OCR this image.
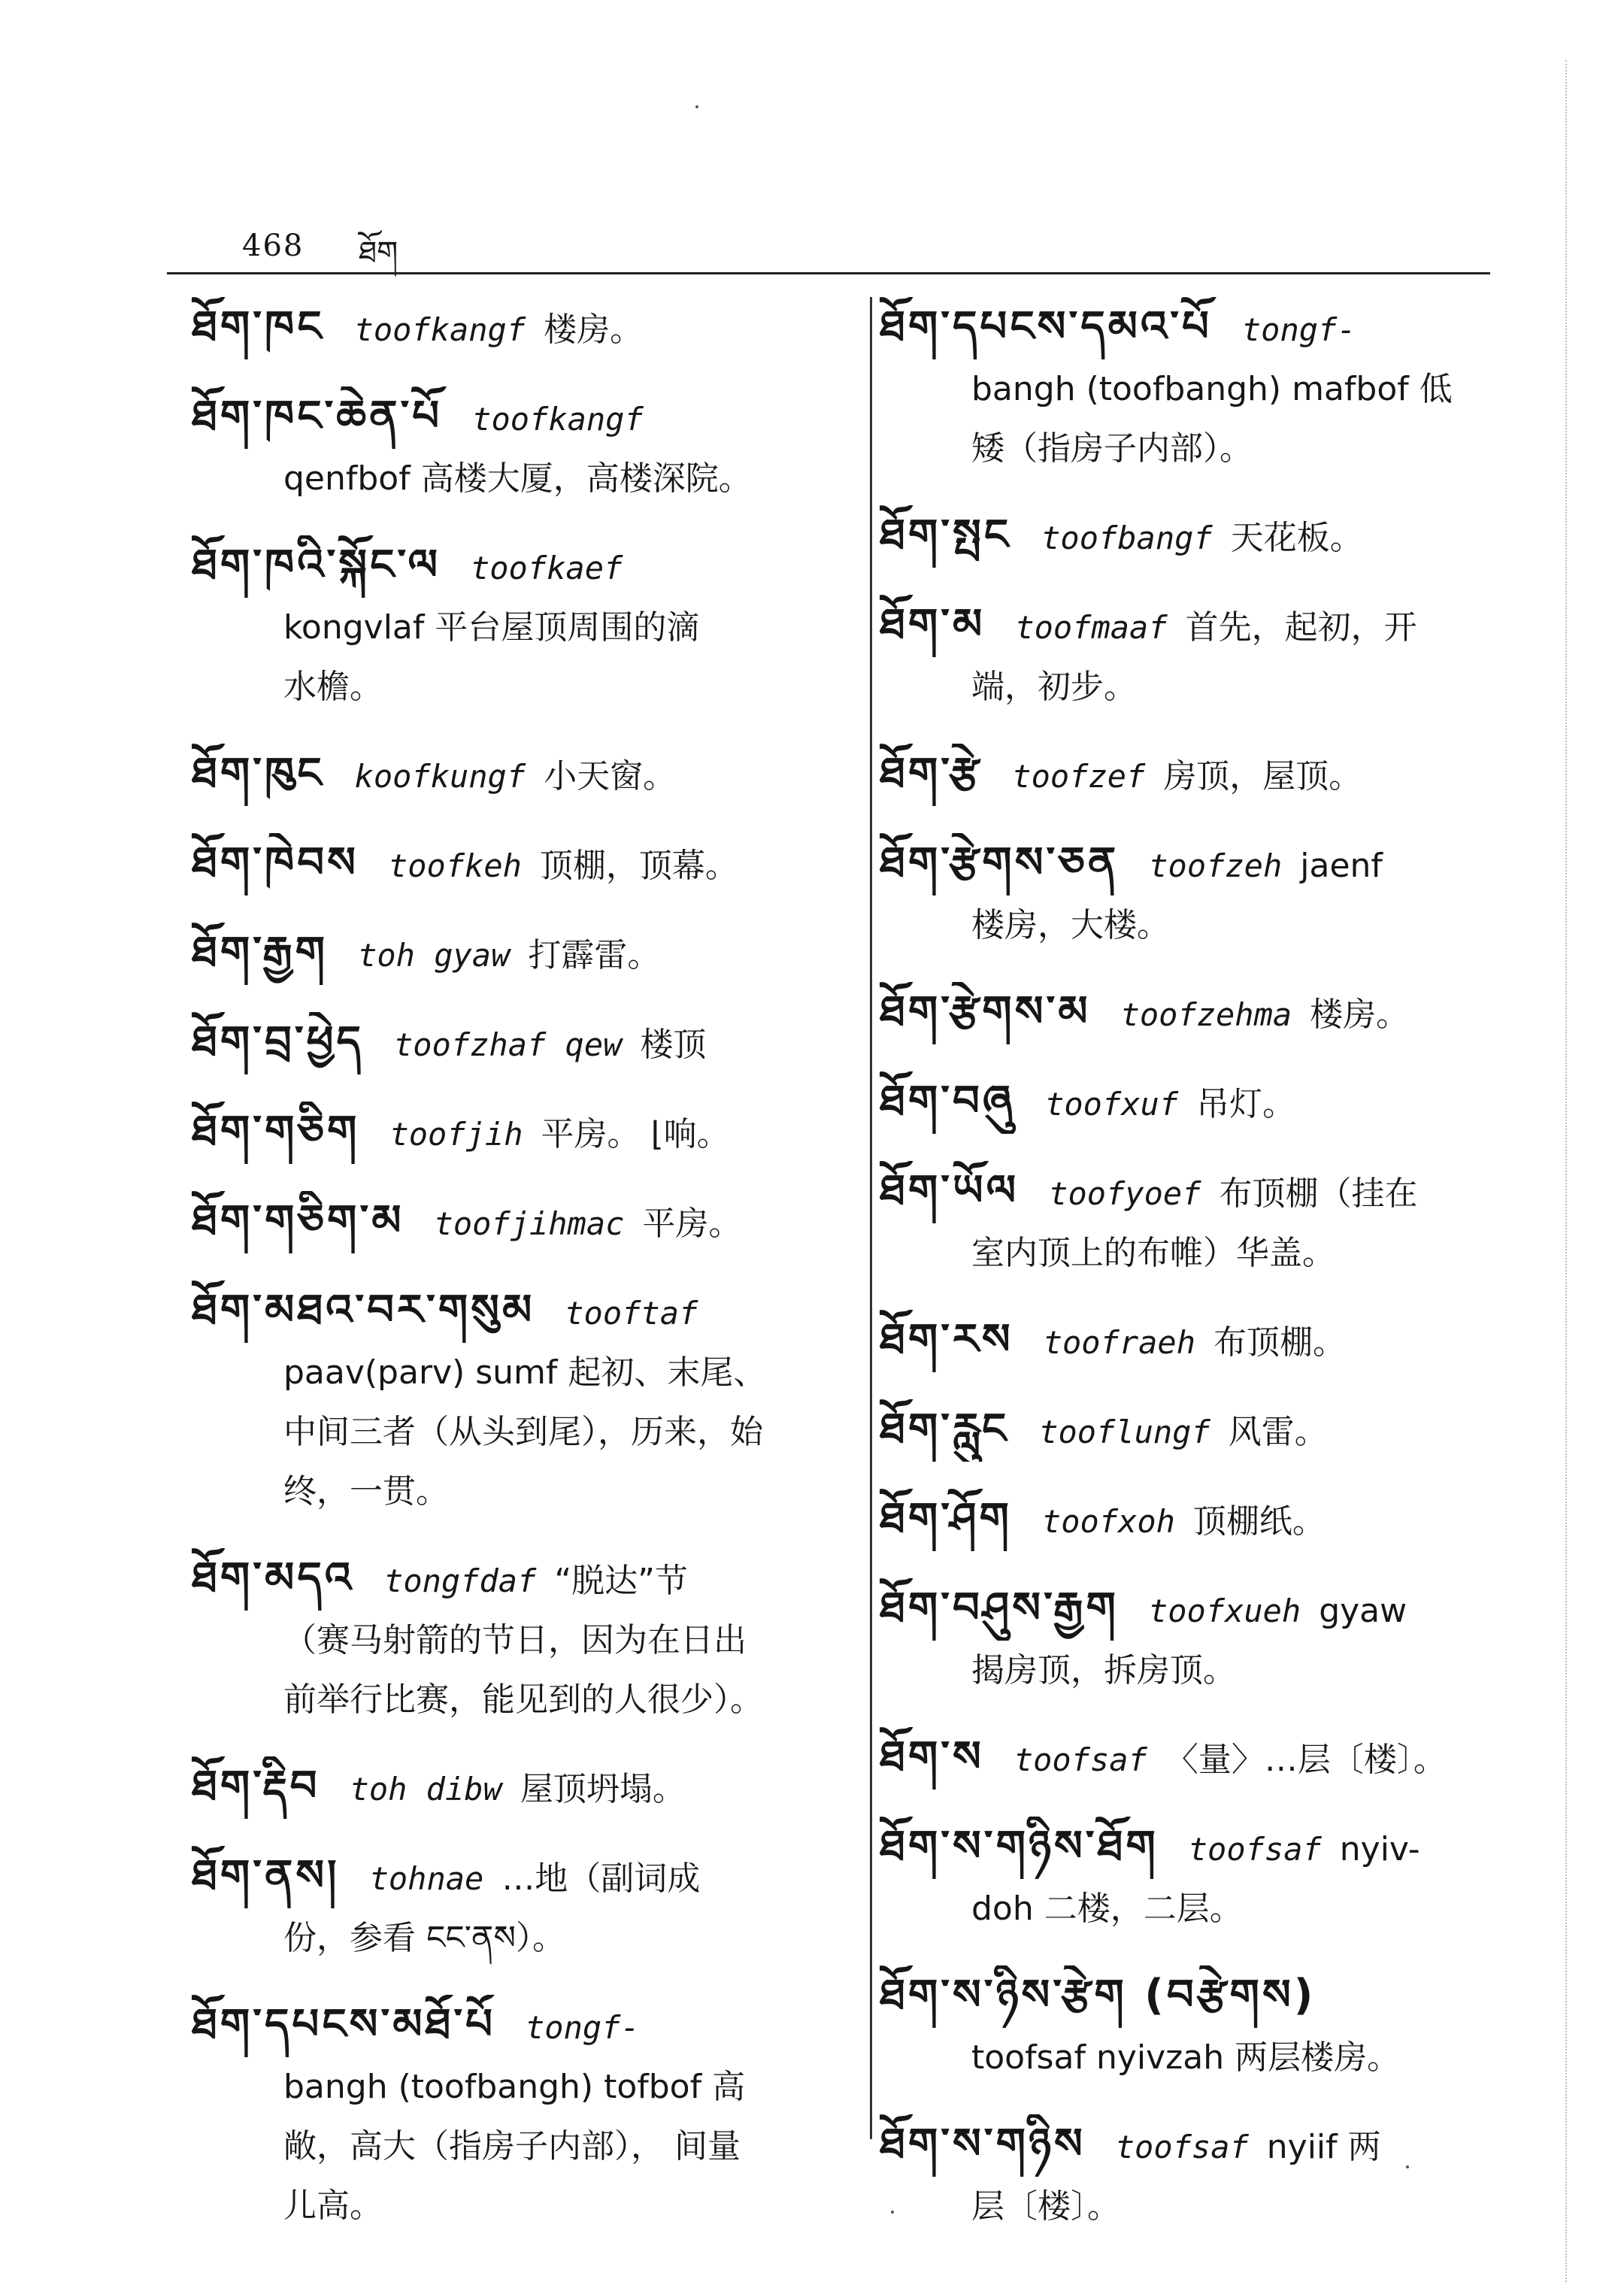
468 ཐོག
ཐོག་ཁང toofkangf 楼房。
ཐོག་ཁང་ཆེན་པོ toofkangf
qenfbof 高楼大厦，高楼深院。
ཐོག་ཁའི་སྐོང་ལ toofkaef
kongvlaf 平台屋顶周围的滴
水檐。
ཐོག་ཁུང koofkungf 小天窗。
ཐོག་ཁེབས toofkeh 顶棚，顶幕。
ཐོག་རྒྱག toh gyaw 打霹雷。
ཐོག་བྲ་ཕྱེད toofzhaf qew 楼顶
ཐོག་གཅིག toofjih 平房。 ⌊响。
ཐོག་གཅིག་མ toofjihmac 平房。
ཐོག་མཐའ་བར་གསུམ tooftaf
paav(parv) sumf 起初、末尾、
中间三者（从头到尾），历来，始
终，一贯。
ཐོག་མདའ tongfdaf “脱达”节
（赛马射箭的节日，因为在日出
前举行比赛，能见到的人很少）。
ཐོག་རྡིབ toh dibw 屋顶坍塌。
ཐོག་ནས། tohnae …地（副词成
份，参看 ངང་ནས）。
ཐོག་དཔངས་མཐོ་པོ tongf-
bangh (toofbangh) tofbof 高
敞，高大（指房子内部）， 间量
儿高。
ཐོག་དཔངས་དམའ་པོ tongf-
bangh (toofbangh) mafbof 低
矮（指房子内部）。
ཐོག་སྤང toofbangf 天花板。
ཐོག་མ toofmaaf 首先，起初，开
端，初步。
ཐོག་རྩེ toofzef 房顶，屋顶。
ཐོག་རྩེགས་ཅན toofzeh jaenf
楼房，大楼。
ཐོག་རྩེགས་མ toofzehma 楼房。
ཐོག་བཞུ toofxuf 吊灯。
ཐོག་ཡོལ toofyoef 布顶棚（挂在
室内顶上的布帷）华盖。
ཐོག་རས toofraeh 布顶棚。
ཐོག་རླུང tooflungf 风雷。
ཐོག་ཤོག toofxoh 顶棚纸。
ཐོག་བཤུས་རྒྱག toofxueh gyaw
揭房顶，拆房顶。
ཐོག་ས toofsaf 〈量〉…层〔楼〕。
ཐོག་ས་གཉིས་ཐོག toofsaf nyiv-
doh 二楼，二层。
ཐོག་ས་ཉིས་རྩེག (བརྩེགས)
toofsaf nyivzah 两层楼房。
ཐོག་ས་གཉིས toofsaf nyiif 两
层〔楼〕。
